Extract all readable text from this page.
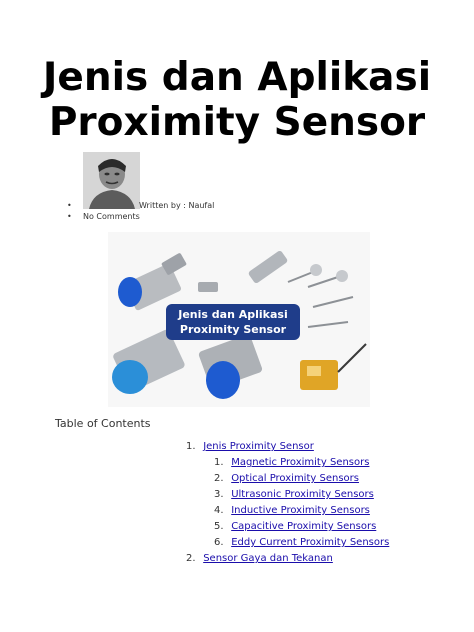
Jenis dan Aplikasi
Proximity Sensor
•	Written by : Naufal
• No Comments
Jenis dan Aplikasi
Proximity Sensor
Table of Contents
1. Jenis Proximity Sensor
1. Magnetic Proximity Sensors
2. Optical Proximity Sensors
3. Ultrasonic Proximity Sensors
4. Inductive Proximity Sensors
5. Capacitive Proximity Sensors
6. Eddy Current Proximity Sensors
2. Sensor Gaya dan Tekanan
